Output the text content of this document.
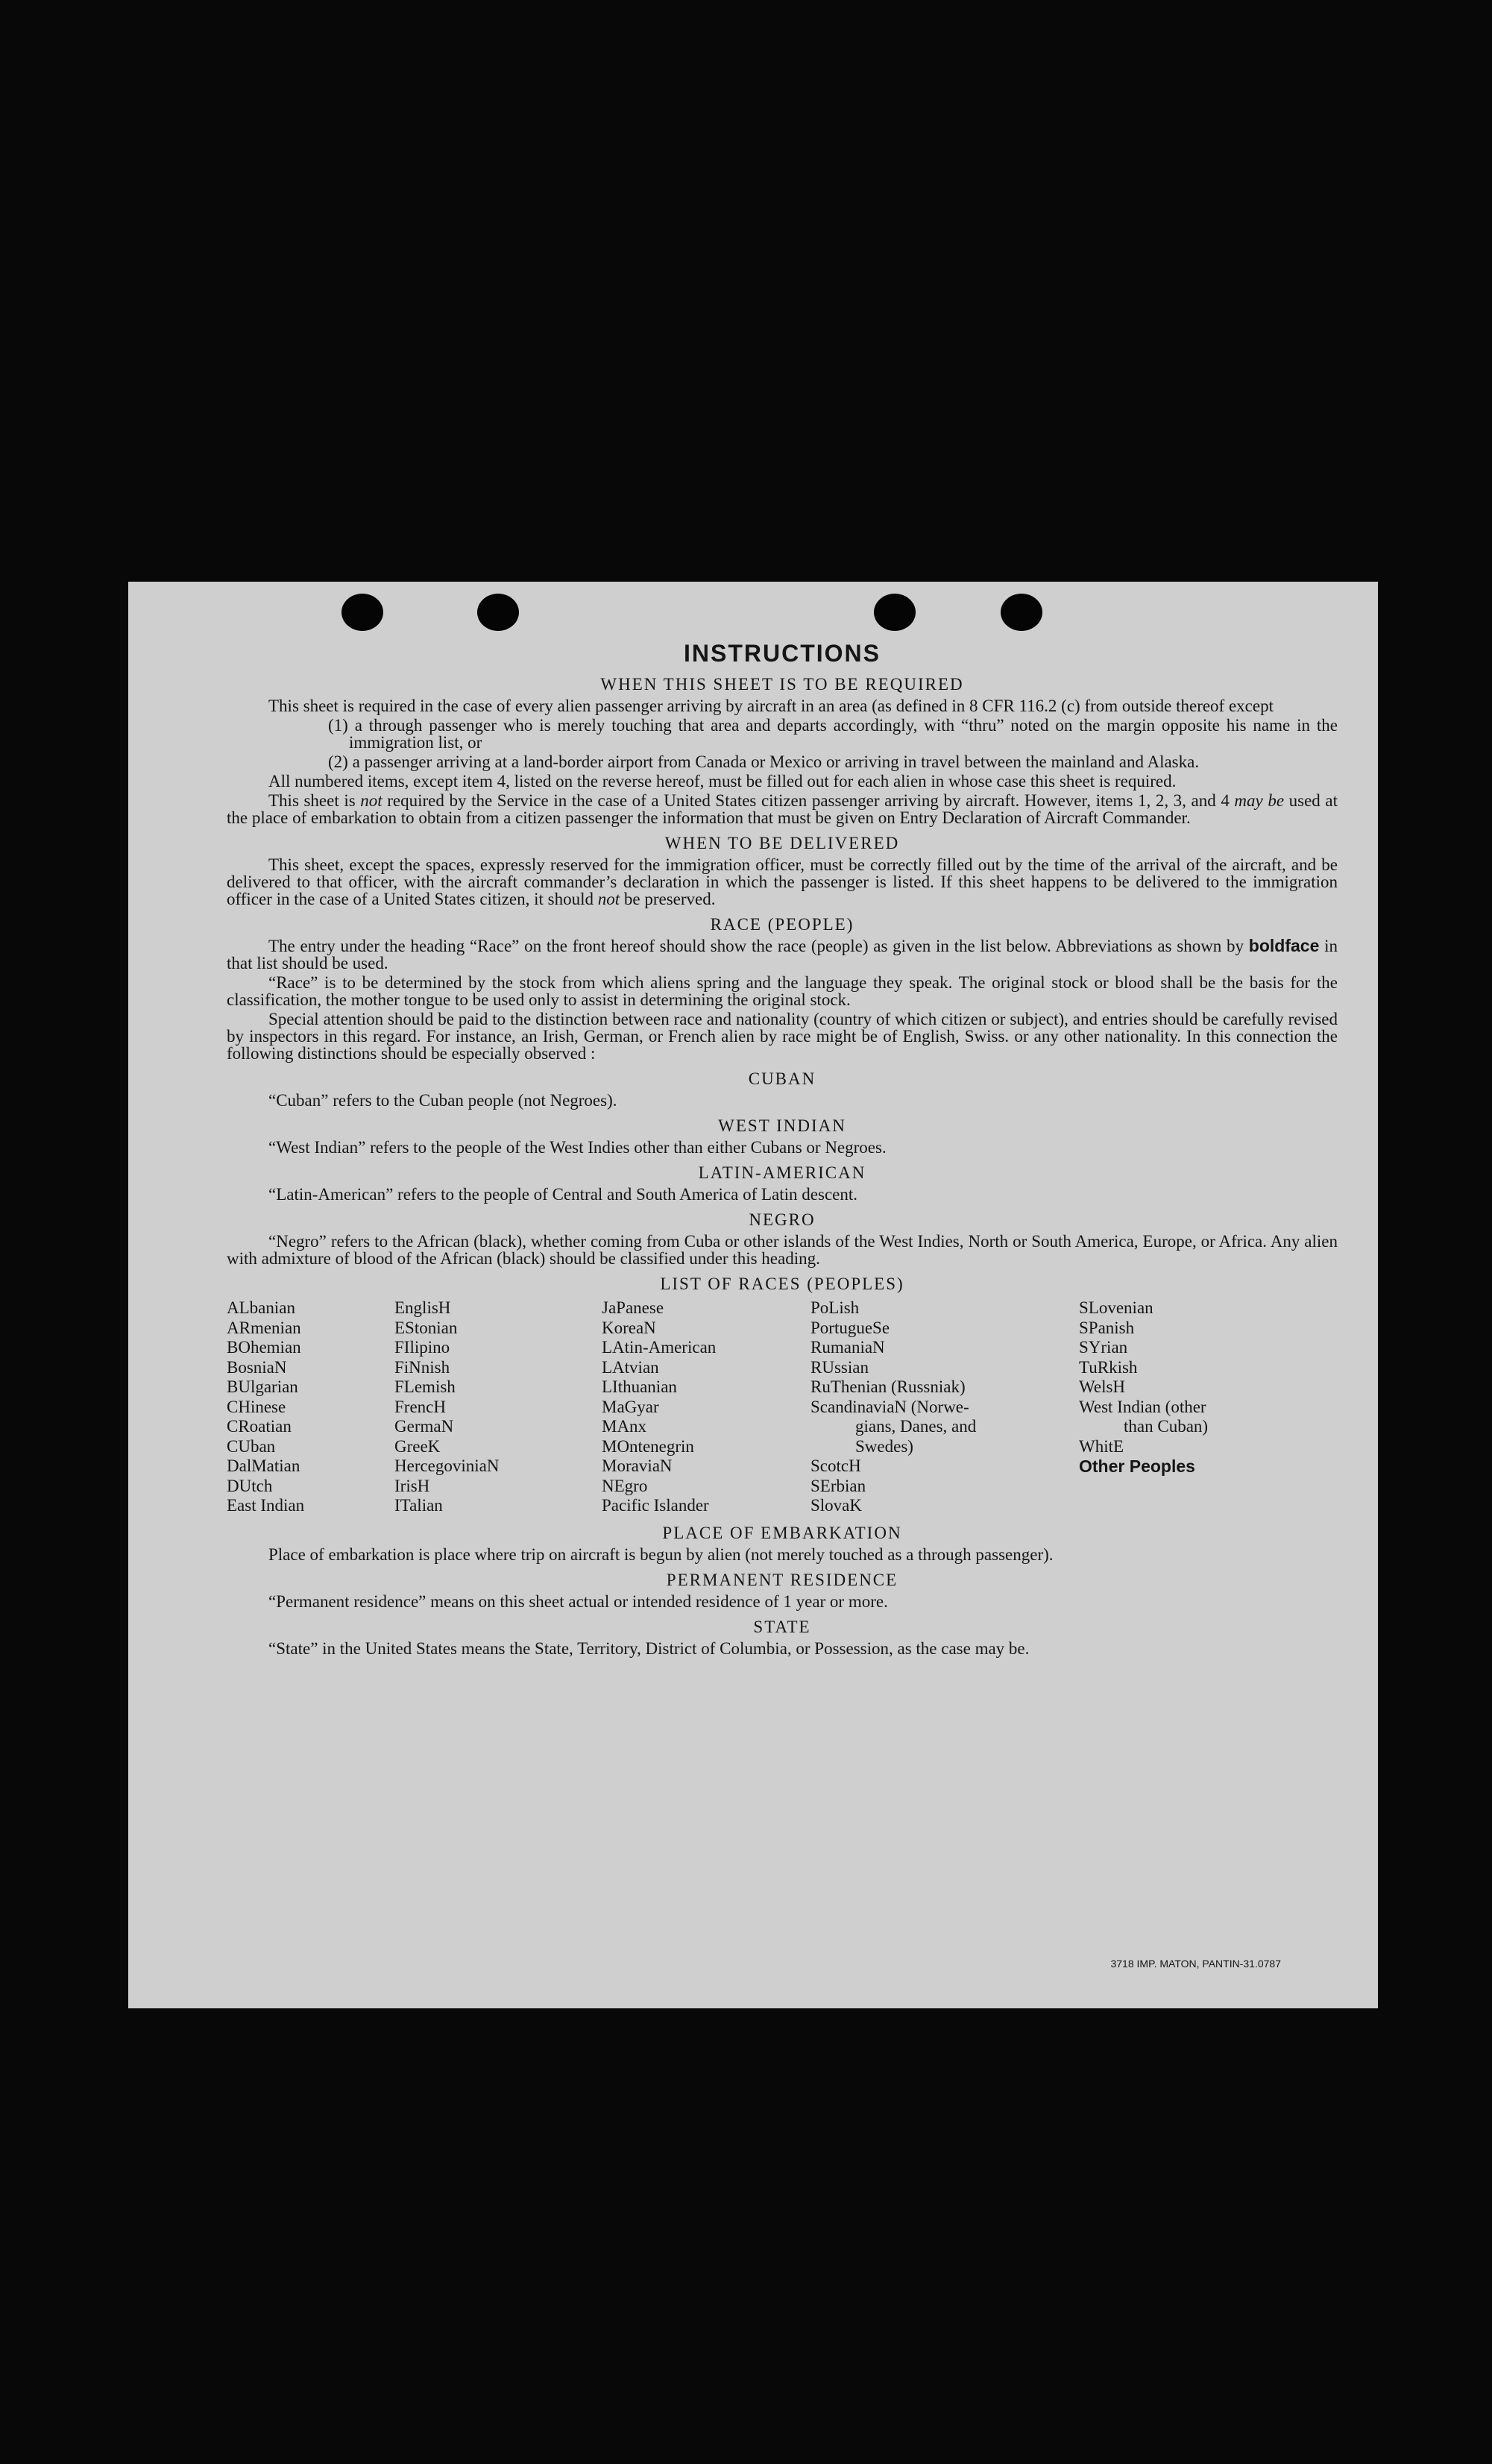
INSTRUCTIONS
WHEN THIS SHEET IS TO BE REQUIRED

This sheet is required in the case of every alien passenger arriving by aircraft in an area (as defined in 8 CFR 116.2 (c) from outside thereof except

(1) a through passenger who is merely touching that area and departs accordingly, with “thru” noted on the margin opposite his name in the immigration list, or

(2) a passenger arriving at a land-border airport from Canada or Mexico or arriving in travel between the mainland and Alaska.

All numbered items, except item 4, listed on the reverse hereof, must be filled out for each alien in whose case this sheet is required.

This sheet is not required by the Service in the case of a United States citizen passenger arriving by aircraft. However, items 1, 2, 3, and 4 may be used at the place of embarkation to obtain from a citizen passenger the information that must be given on Entry Declaration of Aircraft Commander.

WHEN TO BE DELIVERED

This sheet, except the spaces, expressly reserved for the immigration officer, must be correctly filled out by the time of the arrival of the aircraft, and be delivered to that officer, with the aircraft commander’s declaration in which the passenger is listed. If this sheet happens to be delivered to the immigration officer in the case of a United States citizen, it should not be preserved.

RACE (PEOPLE)

The entry under the heading “Race” on the front hereof should show the race (people) as given in the list below. Abbreviations as shown by boldface in that list should be used.

“Race” is to be determined by the stock from which aliens spring and the language they speak. The original stock or blood shall be the basis for the classification, the mother tongue to be used only to assist in determining the original stock.

Special attention should be paid to the distinction between race and nationality (country of which citizen or subject), and entries should be carefully revised by inspectors in this regard. For instance, an Irish, German, or French alien by race might be of English, Swiss. or any other nationality. In this connection the following distinctions should be especially observed :

CUBAN

“Cuban” refers to the Cuban people (not Negroes).

WEST INDIAN

“West Indian” refers to the people of the West Indies other than either Cubans or Negroes.

LATIN-AMERICAN

“Latin-American” refers to the people of Central and South America of Latin descent.

NEGRO

“Negro” refers to the African (black), whether coming from Cuba or other islands of the West Indies, North or South America, Europe, or Africa. Any alien with admixture of blood of the African (black) should be classified under this heading.

LIST OF RACES (PEOPLES)
ALbanian
ARmenian
BOhemian
BosniaN
BUlgarian
CHinese
CRoatian
CUban
DalMatian
DUtch
East Indian
EnglisH
EStonian
FIlipino
FiNnish
FLemish
FrencH
GermaN
GreeK
HercegoviniaN
IrisH
ITalian
JaPanese
KoreaN
LAtin-American
LAtvian
LIthuanian
MaGyar
MAnx
MOntenegrin
MoraviaN
NEgro
Pacific Islander
PoLish
PortugueSe
RumaniaN
RUssian
RuThenian (Russniak)
ScandinaviaN (Norwe-
gians, Danes, and
Swedes)
ScotcH
SErbian
SlovaK
SLovenian
SPanish
SYrian
TuRkish
WelsH
West Indian (other
than Cuban)
WhitE
Other Peoples
PLACE OF EMBARKATION

Place of embarkation is place where trip on aircraft is begun by alien (not merely touched as a through passenger).

PERMANENT RESIDENCE

“Permanent residence” means on this sheet actual or intended residence of 1 year or more.

STATE

“State” in the United States means the State, Territory, District of Columbia, or Possession, as the case may be.

3718 IMP. MATON, PANTIN-31.0787
